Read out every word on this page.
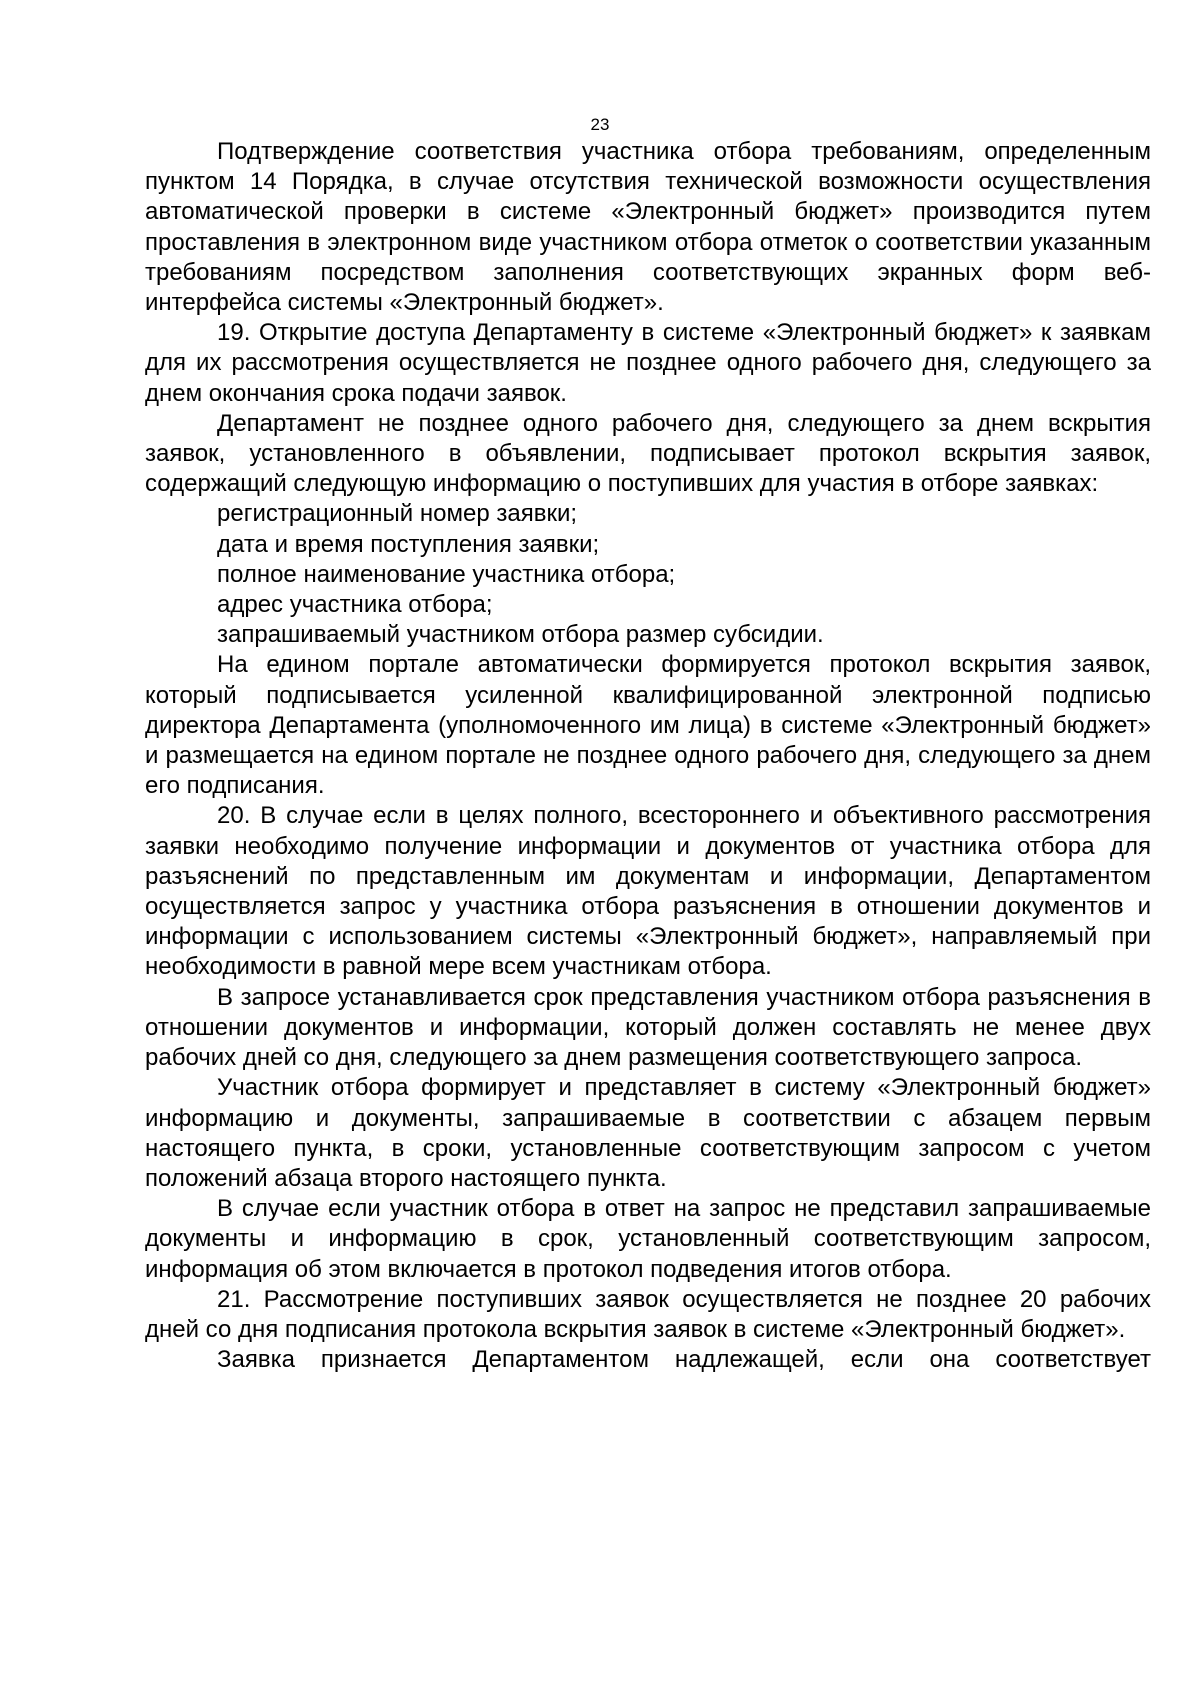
23

Подтверждение соответствия участника отбора требованиям, определенным пунктом 14 Порядка, в случае отсутствия технической возможности осуществления автоматической проверки в системе «Электронный бюджет» производится путем проставления в электронном виде участником отбора отметок о соответствии указанным требованиям посредством заполнения соответствующих экранных форм веб-интерфейса системы «Электронный бюджет».

19. Открытие доступа Департаменту в системе «Электронный бюджет» к заявкам для их рассмотрения осуществляется не позднее одного рабочего дня, следующего за днем окончания срока подачи заявок.

Департамент не позднее одного рабочего дня, следующего за днем вскрытия заявок, установленного в объявлении, подписывает протокол вскрытия заявок, содержащий следующую информацию о поступивших для участия в отборе заявках:

регистрационный номер заявки;

дата и время поступления заявки;

полное наименование участника отбора;

адрес участника отбора;

запрашиваемый участником отбора размер субсидии.

На едином портале автоматически формируется протокол вскрытия заявок, который подписывается усиленной квалифицированной электронной подписью директора Департамента (уполномоченного им лица) в системе «Электронный бюджет» и размещается на едином портале не позднее одного рабочего дня, следующего за днем его подписания.

20. В случае если в целях полного, всестороннего и объективного рассмотрения заявки необходимо получение информации и документов от участника отбора для разъяснений по представленным им документам и информации, Департаментом осуществляется запрос у участника отбора разъяснения в отношении документов и информации с использованием системы «Электронный бюджет», направляемый при необходимости в равной мере всем участникам отбора.

В запросе устанавливается срок представления участником отбора разъяснения в отношении документов и информации, который должен составлять не менее двух рабочих дней со дня, следующего за днем размещения соответствующего запроса.

Участник отбора формирует и представляет в систему «Электронный бюджет» информацию и документы, запрашиваемые в соответствии с абзацем первым настоящего пункта, в сроки, установленные соответствующим запросом с учетом положений абзаца второго настоящего пункта.

В случае если участник отбора в ответ на запрос не представил запрашиваемые документы и информацию в срок, установленный соответствующим запросом, информация об этом включается в протокол подведения итогов отбора.

21. Рассмотрение поступивших заявок осуществляется не позднее 20 рабочих дней со дня подписания протокола вскрытия заявок в системе «Электронный бюджет».

Заявка признается Департаментом надлежащей, если она соответствует
